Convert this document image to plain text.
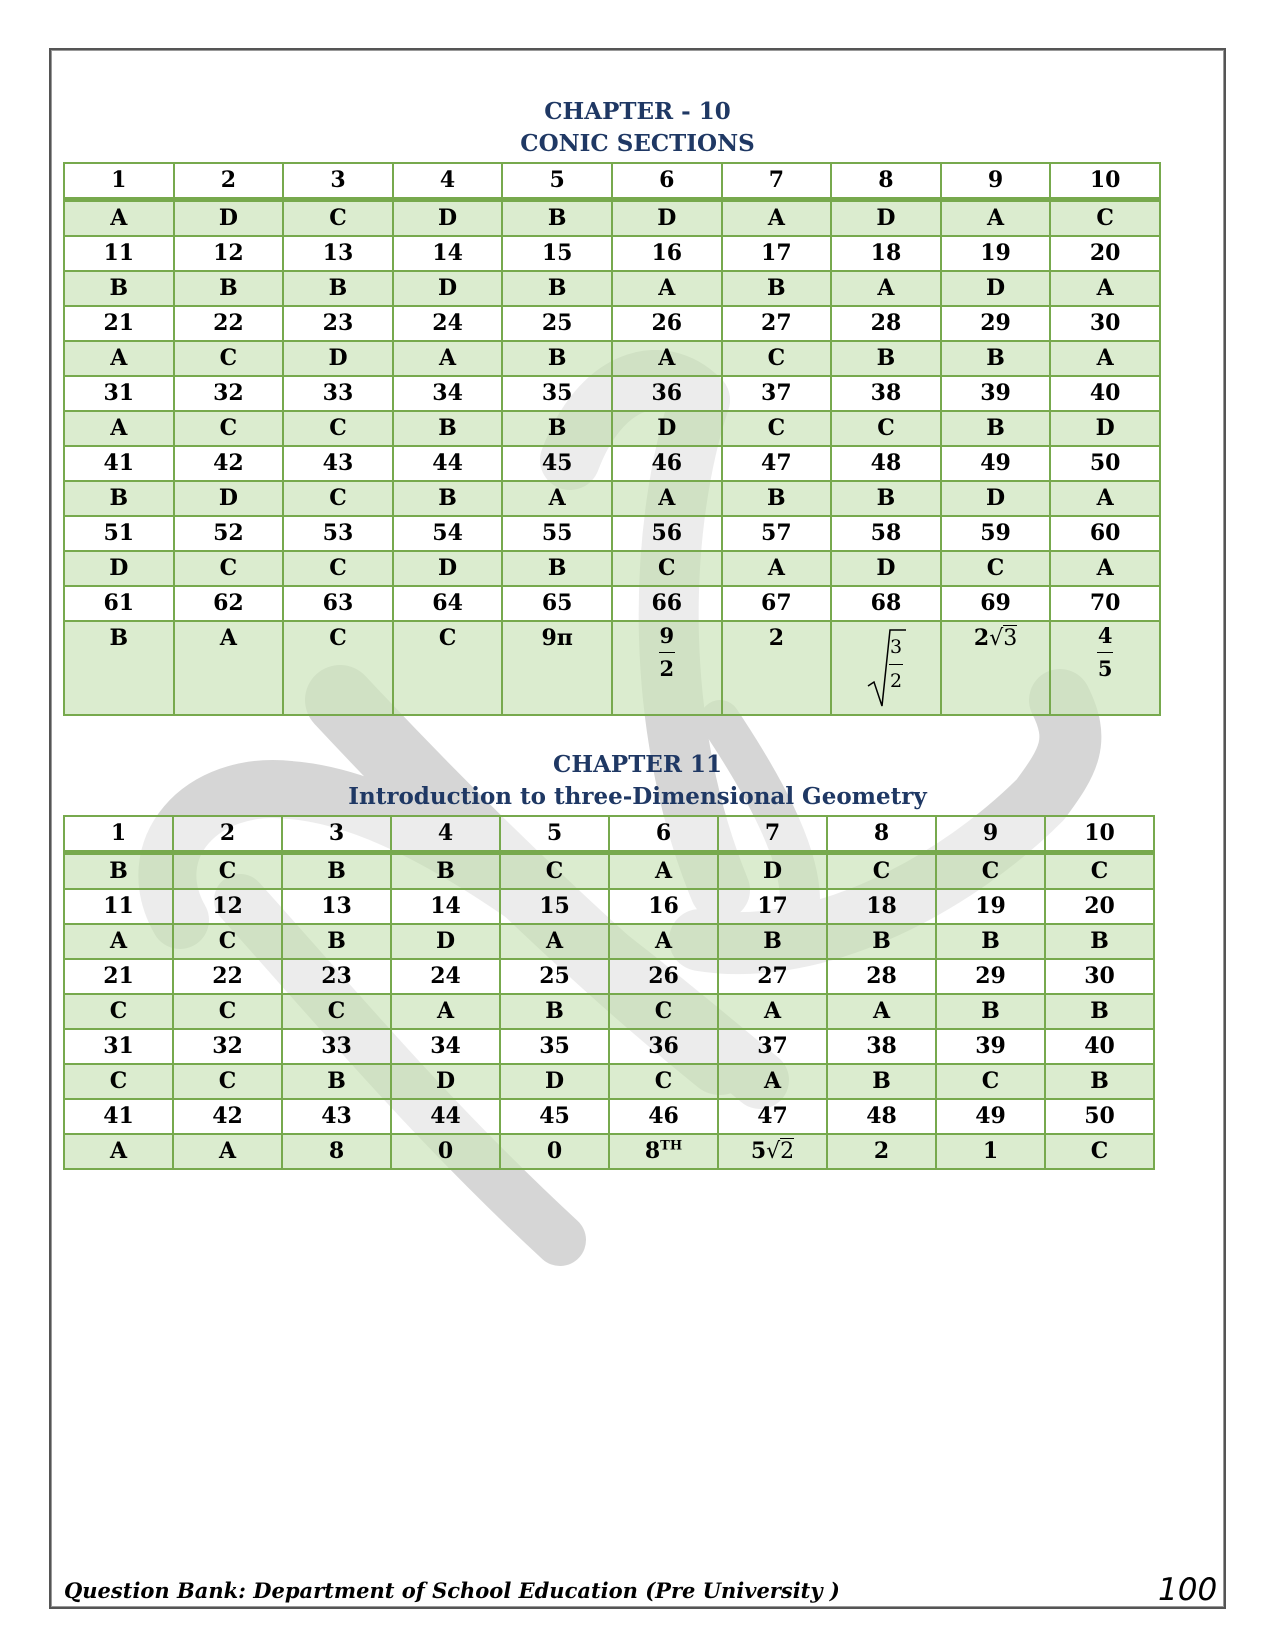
CHAPTER - 10
CONIC SECTIONS
1	2	3	4	5	6	7	8	9	10
A	D	C	D	B	D	A	D	A	C
11	12	13	14	15	16	17	18	19	20
B	B	B	D	B	A	B	A	D	A
21	22	23	24	25	26	27	28	29	30
A	C	D	A	B	A	C	B	B	A
31	32	33	34	35	36	37	38	39	40
A	C	C	B	B	D	C	C	B	D
41	42	43	44	45	46	47	48	49	50
B	D	C	B	A	A	B	B	D	A
51	52	53	54	55	56	57	58	59	60
D	C	C	D	B	C	A	D	C	A
61	62	63	64	65	66	67	68	69	70
B	A	C	C	9π	$\frac{9}{2}$	2	$\frac{3}{2}$	2√3	$\frac{4}{5}$
CHAPTER 11
Introduction to three-Dimensional Geometry
1	2	3	4	5	6	7	8	9	10
B	C	B	B	C	A	D	C	C	C
11	12	13	14	15	16	17	18	19	20
A	C	B	D	A	A	B	B	B	B
21	22	23	24	25	26	27	28	29	30
C	C	C	A	B	C	A	A	B	B
31	32	33	34	35	36	37	38	39	40
C	C	B	D	D	C	A	B	C	B
41	42	43	44	45	46	47	48	49	50
A	A	8	0	0	8TH	5√2	2	1	C
Question Bank: Department of School Education (Pre University )	100
